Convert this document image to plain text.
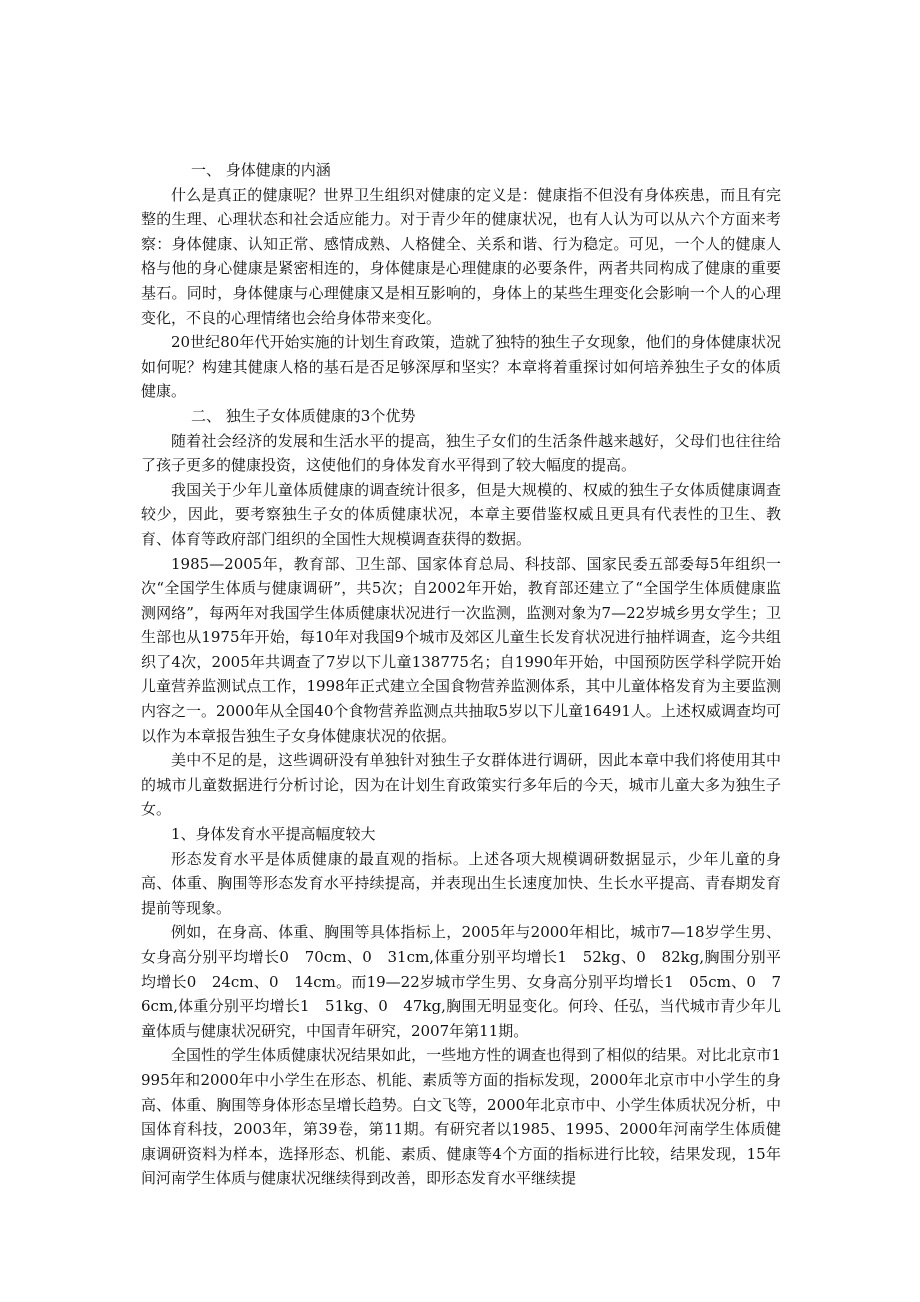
一、 身体健康的内涵

什么是真正的健康呢？世界卫生组织对健康的定义是：健康指不但没有身体疾患，而且有完整的生理、心理状态和社会适应能力。对于青少年的健康状况，也有人认为可以从六个方面来考察：身体健康、认知正常、感情成熟、人格健全、关系和谐、行为稳定。可见，一个人的健康人格与他的身心健康是紧密相连的，身体健康是心理健康的必要条件，两者共同构成了健康的重要基石。同时，身体健康与心理健康又是相互影响的，身体上的某些生理变化会影响一个人的心理变化，不良的心理情绪也会给身体带来变化。

20世纪80年代开始实施的计划生育政策，造就了独特的独生子女现象，他们的身体健康状况如何呢？构建其健康人格的基石是否足够深厚和坚实？本章将着重探讨如何培养独生子女的体质健康。

二、 独生子女体质健康的3个优势

随着社会经济的发展和生活水平的提高，独生子女们的生活条件越来越好，父母们也往往给了孩子更多的健康投资，这使他们的身体发育水平得到了较大幅度的提高。

我国关于少年儿童体质健康的调查统计很多，但是大规模的、权威的独生子女体质健康调查较少，因此，要考察独生子女的体质健康状况，本章主要借鉴权威且更具有代表性的卫生、教育、体育等政府部门组织的全国性大规模调查获得的数据。

1985—2005年，教育部、卫生部、国家体育总局、科技部、国家民委五部委每5年组织一次“全国学生体质与健康调研”，共5次；自2002年开始，教育部还建立了“全国学生体质健康监测网络”，每两年对我国学生体质健康状况进行一次监测，监测对象为7—22岁城乡男女学生；卫生部也从1975年开始，每10年对我国9个城市及郊区儿童生长发育状况进行抽样调查，迄今共组织了4次，2005年共调查了7岁以下儿童138775名；自1990年开始，中国预防医学科学院开始儿童营养监测试点工作，1998年正式建立全国食物营养监测体系，其中儿童体格发育为主要监测内容之一。2000年从全国40个食物营养监测点共抽取5岁以下儿童16491人。上述权威调查均可以作为本章报告独生子女身体健康状况的依据。

美中不足的是，这些调研没有单独针对独生子女群体进行调研，因此本章中我们将使用其中的城市儿童数据进行分析讨论，因为在计划生育政策实行多年后的今天，城市儿童大多为独生子女。

1、身体发育水平提高幅度较大

形态发育水平是体质健康的最直观的指标。上述各项大规模调研数据显示，少年儿童的身高、体重、胸围等形态发育水平持续提高，并表现出生长速度加快、生长水平提高、青春期发育提前等现象。

例如，在身高、体重、胸围等具体指标上，2005年与2000年相比，城市7—18岁学生男、女身高分别平均增长0　70cm、0　31cm,体重分别平均增长1　52kg、0　82kg,胸围分别平均增长0　24cm、0　14cm。而19—22岁城市学生男、女身高分别平均增长1　05cm、0　76cm,体重分别平均增长1　51kg、0　47kg,胸围无明显变化。何玲、任弘，当代城市青少年儿童体质与健康状况研究，中国青年研究，2007年第11期。

全国性的学生体质健康状况结果如此，一些地方性的调查也得到了相似的结果。对比北京市1995年和2000年中小学生在形态、机能、素质等方面的指标发现，2000年北京市中小学生的身高、体重、胸围等身体形态呈增长趋势。白文飞等，2000年北京市中、小学生体质状况分析，中国体育科技，2003年，第39卷，第11期。有研究者以1985、1995、2000年河南学生体质健康调研资料为样本，选择形态、机能、素质、健康等4个方面的指标进行比较，结果发现，15年间河南学生体质与健康状况继续得到改善，即形态发育水平继续提
